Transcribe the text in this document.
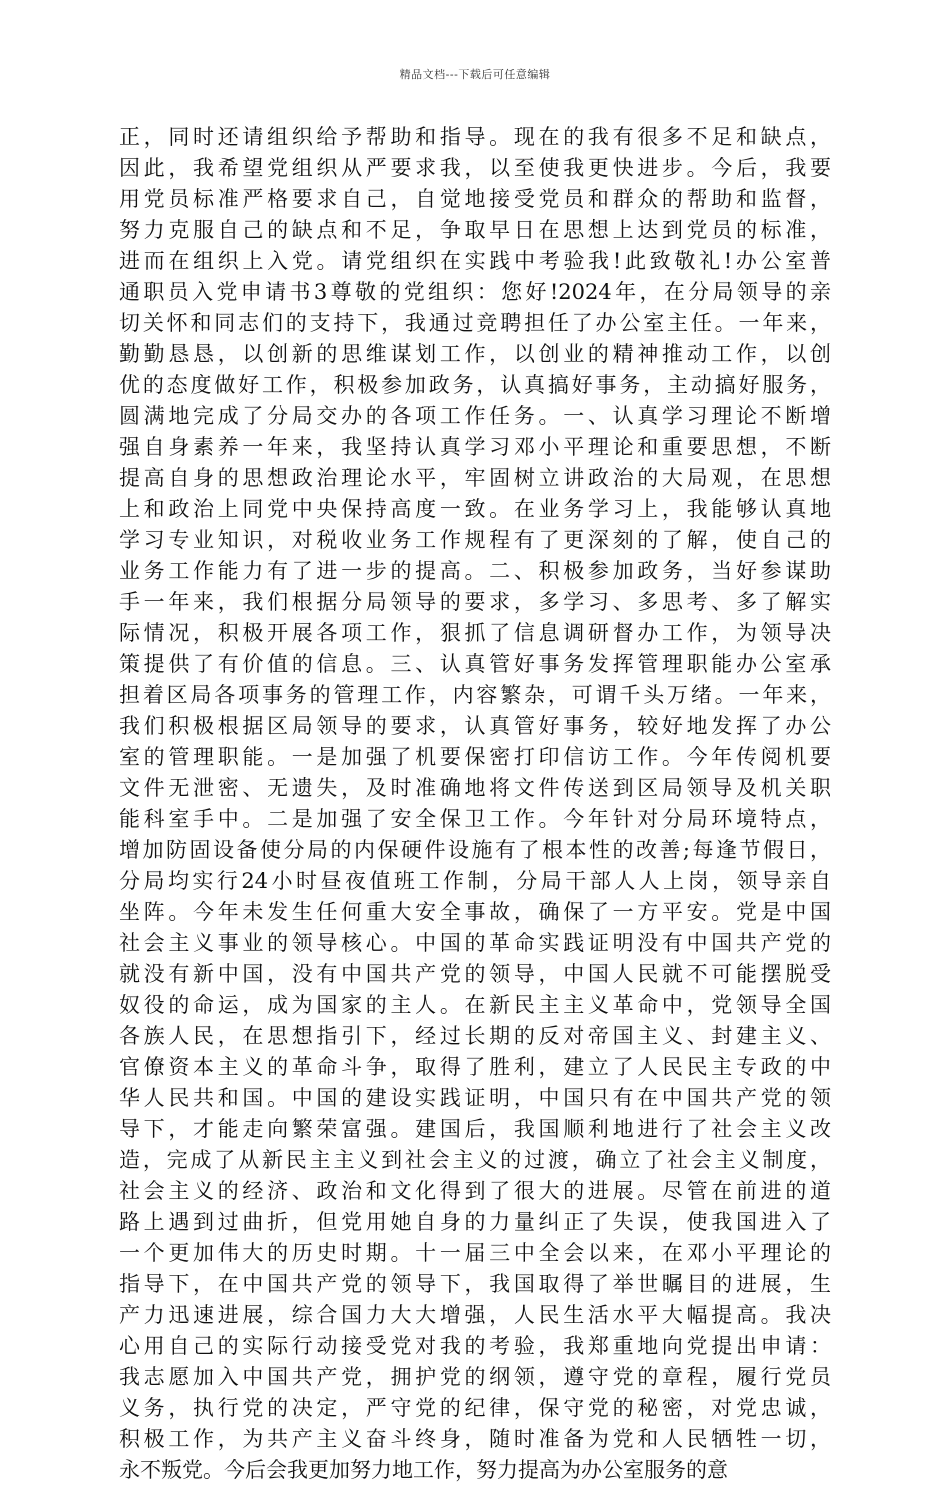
精品文档---下载后可任意编辑
正，同时还请组织给予帮助和指导。现在的我有很多不足和缺点，
因此，我希望党组织从严要求我，以至使我更快进步。今后，我要
用党员标准严格要求自己，自觉地接受党员和群众的帮助和监督，
努力克服自己的缺点和不足，争取早日在思想上达到党员的标准，
进而在组织上入党。请党组织在实践中考验我!此致敬礼!办公室普
通职员入党申请书3尊敬的党组织：您好!2024年，在分局领导的亲
切关怀和同志们的支持下，我通过竞聘担任了办公室主任。一年来，
勤勤恳恳，以创新的思维谋划工作，以创业的精神推动工作，以创
优的态度做好工作，积极参加政务，认真搞好事务，主动搞好服务，
圆满地完成了分局交办的各项工作任务。一、认真学习理论不断增
强自身素养一年来，我坚持认真学习邓小平理论和重要思想，不断
提高自身的思想政治理论水平，牢固树立讲政治的大局观，在思想
上和政治上同党中央保持高度一致。在业务学习上，我能够认真地
学习专业知识，对税收业务工作规程有了更深刻的了解，使自己的
业务工作能力有了进一步的提高。二、积极参加政务，当好参谋助
手一年来，我们根据分局领导的要求，多学习、多思考、多了解实
际情况，积极开展各项工作，狠抓了信息调研督办工作，为领导决
策提供了有价值的信息。三、认真管好事务发挥管理职能办公室承
担着区局各项事务的管理工作，内容繁杂，可谓千头万绪。一年来，
我们积极根据区局领导的要求，认真管好事务，较好地发挥了办公
室的管理职能。一是加强了机要保密打印信访工作。今年传阅机要
文件无泄密、无遗失，及时准确地将文件传送到区局领导及机关职
能科室手中。二是加强了安全保卫工作。今年针对分局环境特点，
增加防固设备使分局的内保硬件设施有了根本性的改善;每逢节假日，
分局均实行24小时昼夜值班工作制，分局干部人人上岗，领导亲自
坐阵。今年未发生任何重大安全事故，确保了一方平安。党是中国
社会主义事业的领导核心。中国的革命实践证明没有中国共产党的
就没有新中国，没有中国共产党的领导，中国人民就不可能摆脱受
奴役的命运，成为国家的主人。在新民主主义革命中，党领导全国
各族人民，在思想指引下，经过长期的反对帝国主义、封建主义、
官僚资本主义的革命斗争，取得了胜利，建立了人民民主专政的中
华人民共和国。中国的建设实践证明，中国只有在中国共产党的领
导下，才能走向繁荣富强。建国后，我国顺利地进行了社会主义改
造，完成了从新民主主义到社会主义的过渡，确立了社会主义制度，
社会主义的经济、政治和文化得到了很大的进展。尽管在前进的道
路上遇到过曲折，但党用她自身的力量纠正了失误，使我国进入了
一个更加伟大的历史时期。十一届三中全会以来，在邓小平理论的
指导下，在中国共产党的领导下，我国取得了举世瞩目的进展，生
产力迅速进展，综合国力大大增强，人民生活水平大幅提高。我决
心用自己的实际行动接受党对我的考验，我郑重地向党提出申请：
我志愿加入中国共产党，拥护党的纲领，遵守党的章程，履行党员
义务，执行党的决定，严守党的纪律，保守党的秘密，对党忠诚，
积极工作，为共产主义奋斗终身，随时准备为党和人民牺牲一切，
永不叛党。今后会我更加努力地工作，努力提高为办公室服务的意
